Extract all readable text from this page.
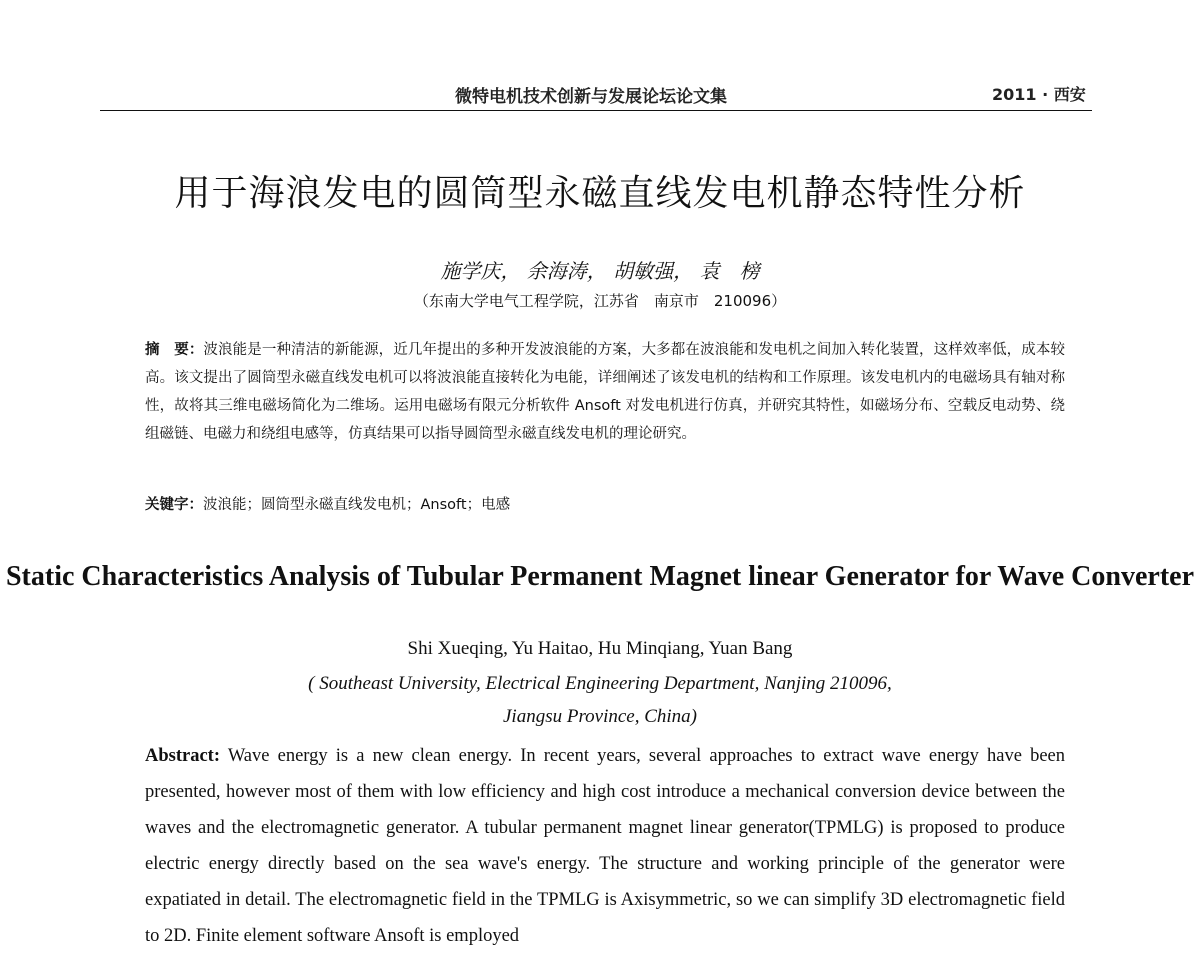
微特电机技术创新与发展论坛论文集	2011 · 西安
用于海浪发电的圆筒型永磁直线发电机静态特性分析
施学庆， 余海涛， 胡敏强， 袁　榜
（东南大学电气工程学院，江苏省　南京市　210096）
摘　要：波浪能是一种清洁的新能源，近几年提出的多种开发波浪能的方案，大多都在波浪能和发电机之间加入转化装置，这样效率低，成本较高。该文提出了圆筒型永磁直线发电机可以将波浪能直接转化为电能，详细阐述了该发电机的结构和工作原理。该发电机内的电磁场具有轴对称性，故将其三维电磁场简化为二维场。运用电磁场有限元分析软件 Ansoft 对发电机进行仿真，并研究其特性，如磁场分布、空载反电动势、绕组磁链、电磁力和绕组电感等，仿真结果可以指导圆筒型永磁直线发电机的理论研究。
关键字：波浪能；圆筒型永磁直线发电机；Ansoft；电感
Static Characteristics Analysis of Tubular Permanent Magnet linear Generator for Wave Converter
Shi Xueqing, Yu Haitao, Hu Minqiang, Yuan Bang
( Southeast University, Electrical Engineering Department, Nanjing 210096,
Jiangsu Province, China)
Abstract: Wave energy is a new clean energy. In recent years, several approaches to extract wave energy have been presented, however most of them with low efficiency and high cost introduce a mechanical conversion device between the waves and the electromagnetic generator. A tubular permanent magnet linear generator(TPMLG) is proposed to produce electric energy directly based on the sea wave's energy. The structure and working principle of the generator were expatiated in detail. The electromagnetic field in the TPMLG is Axisymmetric, so we can simplify 3D electromagnetic field to 2D. Finite element software Ansoft is employed
